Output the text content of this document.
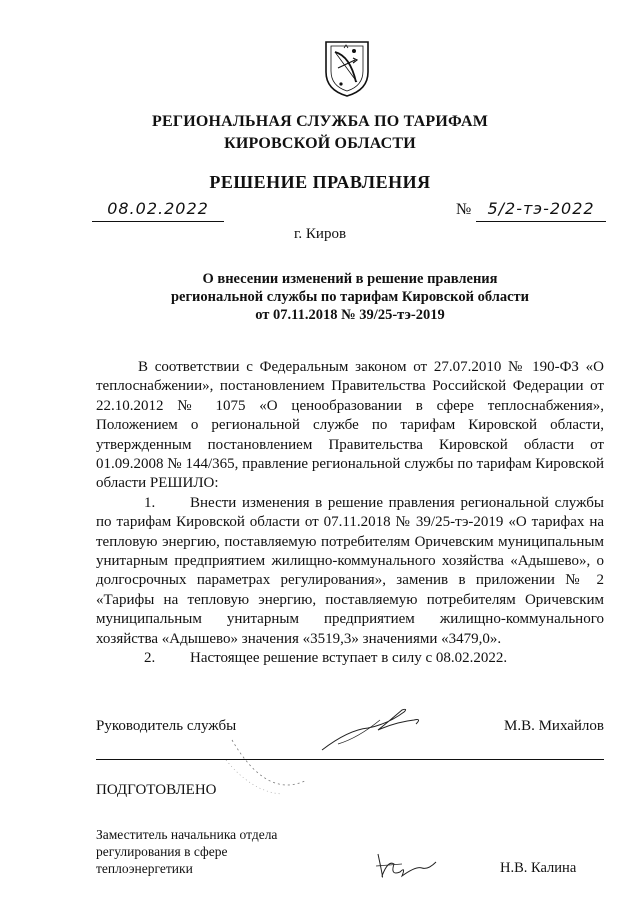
РЕГИОНАЛЬНАЯ СЛУЖБА ПО ТАРИФАМ
КИРОВСКОЙ ОБЛАСТИ
РЕШЕНИЕ ПРАВЛЕНИЯ
08.02.2022	№	5/2-тэ-2022
г. Киров
О внесении изменений в решение правления
региональной службы по тарифам Кировской области
от 07.11.2018 № 39/25-тэ-2019

В соответствии с Федеральным законом от 27.07.2010 № 190-ФЗ «О теплоснабжении», постановлением Правительства Российской Федерации от 22.10.2012 № 1075 «О ценообразовании в сфере теплоснабжения», Положением о региональной службе по тарифам Кировской области, утвержденным постановлением Правительства Кировской области от 01.09.2008 № 144/365, правление региональной службы по тарифам Кировской области РЕШИЛО:

1. Внести изменения в решение правления региональной службы по тарифам Кировской области от 07.11.2018 № 39/25-тэ-2019 «О тарифах на тепловую энергию, поставляемую потребителям Оричевским муниципальным унитарным предприятием жилищно-коммунального хозяйства «Адышево», о долгосрочных параметрах регулирования», заменив в приложении № 2 «Тарифы на тепловую энергию, поставляемую потребителям Оричевским муниципальным унитарным предприятием жилищно-коммунального хозяйства «Адышево» значения «3519,3» значениями «3479,0».

2. Настоящее решение вступает в силу с 08.02.2022.

Руководитель службы	М.В. Михайлов
ПОДГОТОВЛЕНО
Заместитель начальника отдела регулирования в сфере теплоэнергетики	Н.В. Калина
